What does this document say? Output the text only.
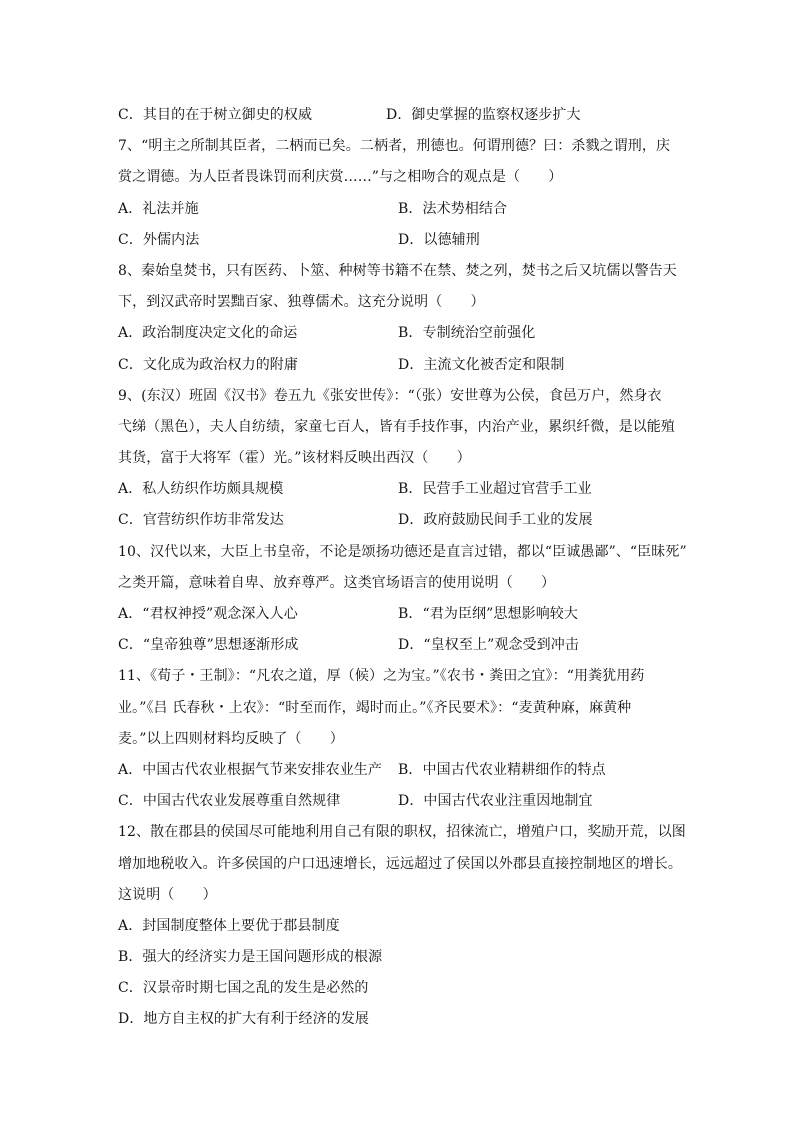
C．其目的在于树立御史的权威	D．御史掌握的监察权逐步扩大
7、“明主之所制其臣者，二柄而已矣。二柄者，刑德也。何谓刑德？曰：杀戮之谓刑，庆
赏之谓德。为人臣者畏诛罚而利庆赏……”与之相吻合的观点是（　　）
A．礼法并施	B．法术势相结合
C．外儒内法	D．以德辅刑
8、秦始皇焚书，只有医药、卜筮、种树等书籍不在禁、焚之列，焚书之后又坑儒以警告天
下，到汉武帝时罢黜百家、独尊儒术。这充分说明（　　）
A．政治制度决定文化的命运	B．专制统治空前强化
C．文化成为政治权力的附庸	D．主流文化被否定和限制
9、(东汉）班固《汉书》卷五九《张安世传》：“（张）安世尊为公侯，食邑万户，然身衣
弋绨（黑色），夫人自纺绩，家童七百人，皆有手技作事，内治产业，累织纤微，是以能殖
其货，富于大将军（霍）光。”该材料反映出西汉（　　）
A．私人纺织作坊颇具规模	B．民营手工业超过官营手工业
C．官营纺织作坊非常发达	D．政府鼓励民间手工业的发展
10、汉代以来，大臣上书皇帝，不论是颂扬功德还是直言过错，都以“臣诚愚鄙”、“臣昧死”
之类开篇，意味着自卑、放弃尊严。这类官场语言的使用说明（　　）
A．“君权神授”观念深入人心	B．“君为臣纲”思想影响较大
C．“皇帝独尊”思想逐渐形成	D．“皇权至上”观念受到冲击
11、《荀子・王制》：“凡农之道，厚（候）之为宝。”《农书・粪田之宜》：“用粪犹用药
业。”《吕 氏春秋・上农》：“时至而作，竭时而止。”《齐民要术》：“麦黄种麻，麻黄种
麦。”以上四则材料均反映了（　　）
A．中国古代农业根据气节来安排农业生产	B．中国古代农业精耕细作的特点
C．中国古代农业发展尊重自然规律	D．中国古代农业注重因地制宜
12、散在郡县的侯国尽可能地利用自己有限的职权，招徕流亡，增殖户口，奖励开荒，以图
增加地税收入。许多侯国的户口迅速增长，远远超过了侯国以外郡县直接控制地区的增长。
这说明（　　）
A．封国制度整体上要优于郡县制度
B．强大的经济实力是王国问题形成的根源
C．汉景帝时期七国之乱的发生是必然的
D．地方自主权的扩大有利于经济的发展
